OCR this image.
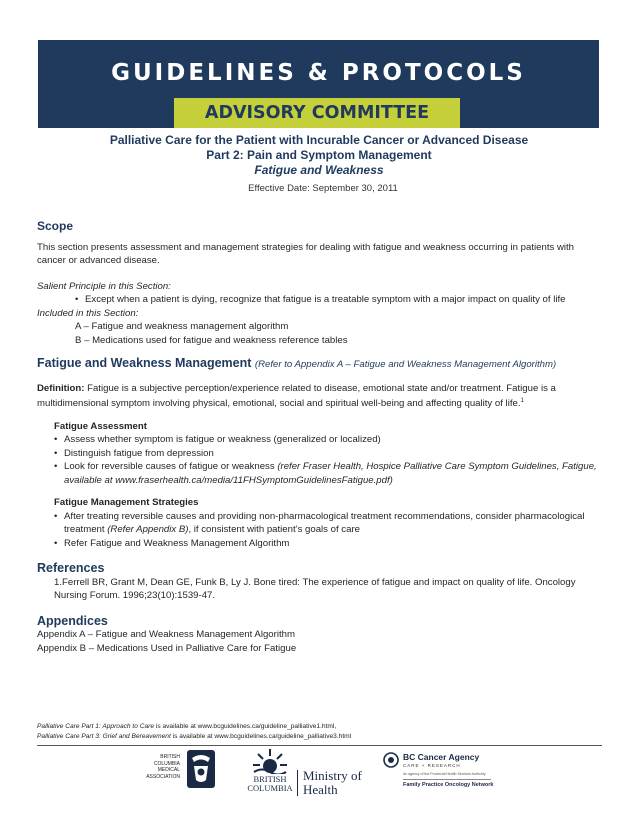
GUIDELINES & PROTOCOLS
ADVISORY COMMITTEE
Palliative Care for the Patient with Incurable Cancer or Advanced Disease
Part 2: Pain and Symptom Management
Fatigue and Weakness
Effective Date: September 30, 2011
Scope
This section presents assessment and management strategies for dealing with fatigue and weakness occurring in patients with cancer or advanced disease.
Salient Principle in this Section:
• Except when a patient is dying, recognize that fatigue is a treatable symptom with a major impact on quality of life
Included in this Section:
A – Fatigue and weakness management algorithm
B – Medications used for fatigue and weakness reference tables
Fatigue and Weakness Management (Refer to Appendix A – Fatigue and Weakness Management Algorithm)
Definition: Fatigue is a subjective perception/experience related to disease, emotional state and/or treatment. Fatigue is a multidimensional symptom involving physical, emotional, social and spiritual well-being and affecting quality of life.$^1$
Fatigue Assessment
• Assess whether symptom is fatigue or weakness (generalized or localized)
• Distinguish fatigue from depression
• Look for reversible causes of fatigue or weakness (refer Fraser Health, Hospice Palliative Care Symptom Guidelines, Fatigue, available at www.fraserhealth.ca/media/11FHSymptomGuidelinesFatigue.pdf)
Fatigue Management Strategies
• After treating reversible causes and providing non-pharmacological treatment recommendations, consider pharmacological treatment (Refer Appendix B), if consistent with patient’s goals of care
• Refer Fatigue and Weakness Management Algorithm
References
1.Ferrell BR, Grant M, Dean GE, Funk B, Ly J. Bone tired: The experience of fatigue and impact on quality of life. Oncology Nursing Forum. 1996;23(10):1539-47.
Appendices
Appendix A – Fatigue and Weakness Management Algorithm
Appendix B – Medications Used in Palliative Care for Fatigue
Palliative Care Part 1: Approach to Care is available at www.bcguidelines.ca/guideline_palliative1.html,
Palliative Care Part 3: Grief and Bereavement is available at www.bcguidelines.ca/guideline_palliative3.html
BRITISH
COLUMBIA
MEDICAL
ASSOCIATION	BRITISH
COLUMBIA
Ministry of
Health
BC Cancer Agency
CARE + RESEARCH
An agency of the Provincial Health Services Authority
Family Practice Oncology Network
